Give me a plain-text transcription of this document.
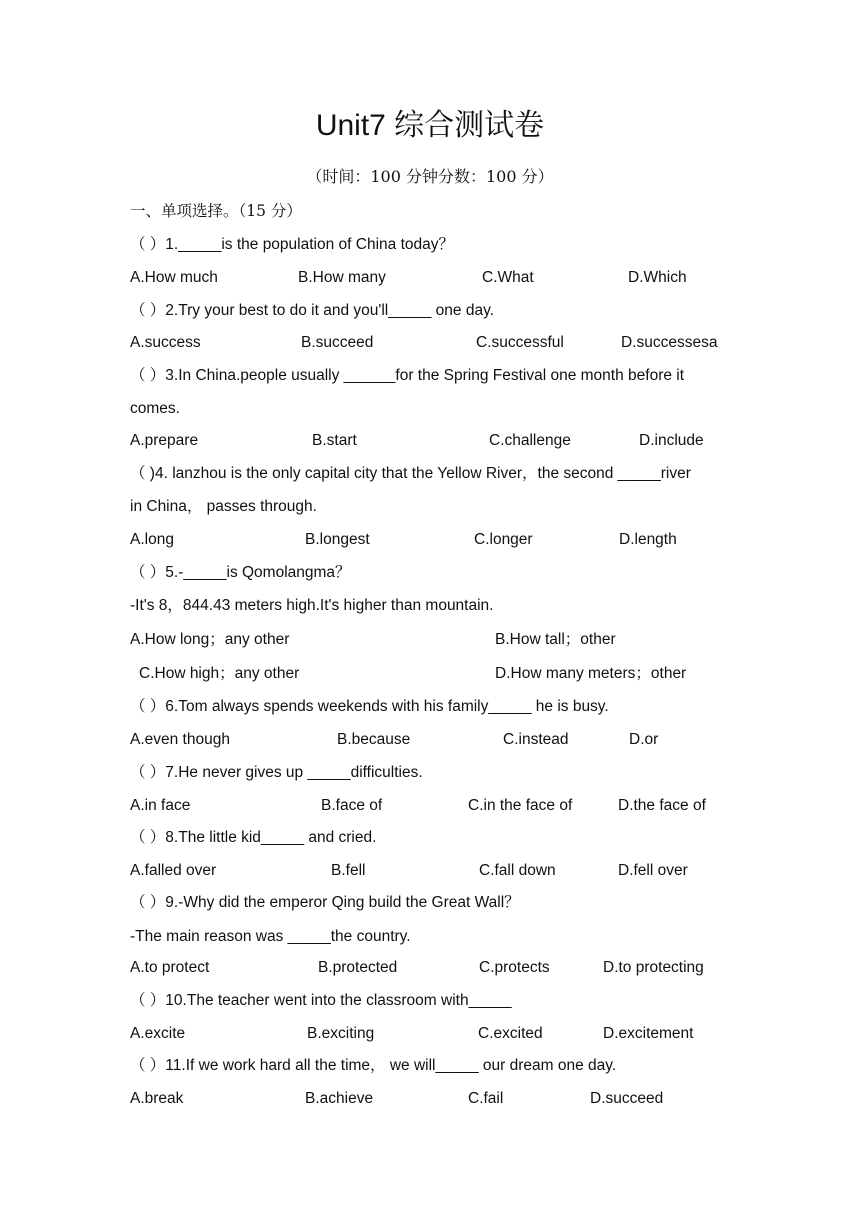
Unit7 综合测试卷
（时间：100 分钟分数：100 分）
一、单项选择。（15 分）
（ ）1._____is the population of China today？
A.How much	B.How many	C.What	D.Which
（ ）2.Try your best to do it and you'll_____ one day.
A.success	B.succeed	C.successful	D.successesa
（ ）3.In China.people usually ______for the Spring Festival one month before it
comes.
A.prepare	B.start	C.challenge	D.include
（ )4. lanzhou is the only capital city that the Yellow River，the second _____river
in China， passes through.
A.long	B.longest	C.longer	D.length
（ ）5.-_____is Qomolangma？
-It's 8，844.43 meters high.It's higher than mountain.
A.How long；any other	B.How tall；other
C.How high；any other	D.How many meters；other
（ ）6.Tom always spends weekends with his family_____ he is busy.
A.even though	B.because	C.instead	D.or
（ ）7.He never gives up _____difficulties.
A.in face	B.face of	C.in the face of	D.the face of
（ ）8.The little kid_____ and cried.
A.falled over	B.fell	C.fall down	D.fell over
（ ）9.-Why did the emperor Qing build the Great Wall？
-The main reason was _____the country.
A.to protect	B.protected	C.protects	D.to protecting
（ ）10.The teacher went into the classroom with_____
A.excite	B.exciting	C.excited	D.excitement
（ ）11.If we work hard all the time， we will_____ our dream one day.
A.break	B.achieve	C.fail	D.succeed
